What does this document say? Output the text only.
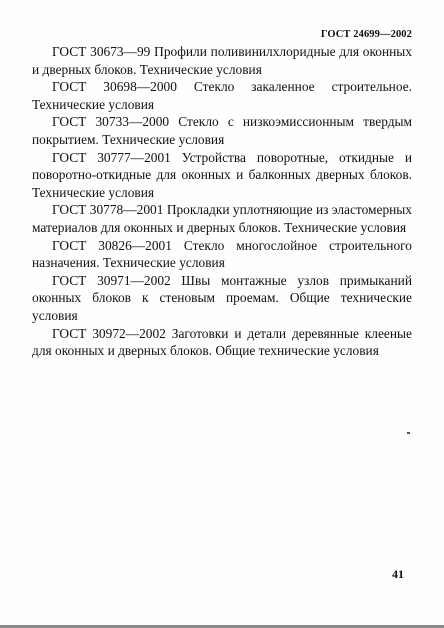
ГОСТ 24699—2002

ГОСТ 30673—99 Профили поливинилхлоридные для оконных и дверных блоков. Технические условия

ГОСТ 30698—2000 Стекло закаленное строительное. Технические условия

ГОСТ 30733—2000 Стекло с низкоэмиссионным твердым покрытием. Технические условия

ГОСТ 30777—2001 Устройства поворотные, откидные и поворотно-откидные для оконных и балконных дверных блоков. Технические условия

ГОСТ 30778—2001 Прокладки уплотняющие из эластомерных материалов для оконных и дверных блоков. Технические условия

ГОСТ 30826—2001 Стекло многослойное строительного назначения. Технические условия

ГОСТ 30971—2002 Швы монтажные узлов примыканий оконных блоков к стеновым проемам. Общие технические условия

ГОСТ 30972—2002 Заготовки и детали деревянные клееные для оконных и дверных блоков. Общие технические условия

41
